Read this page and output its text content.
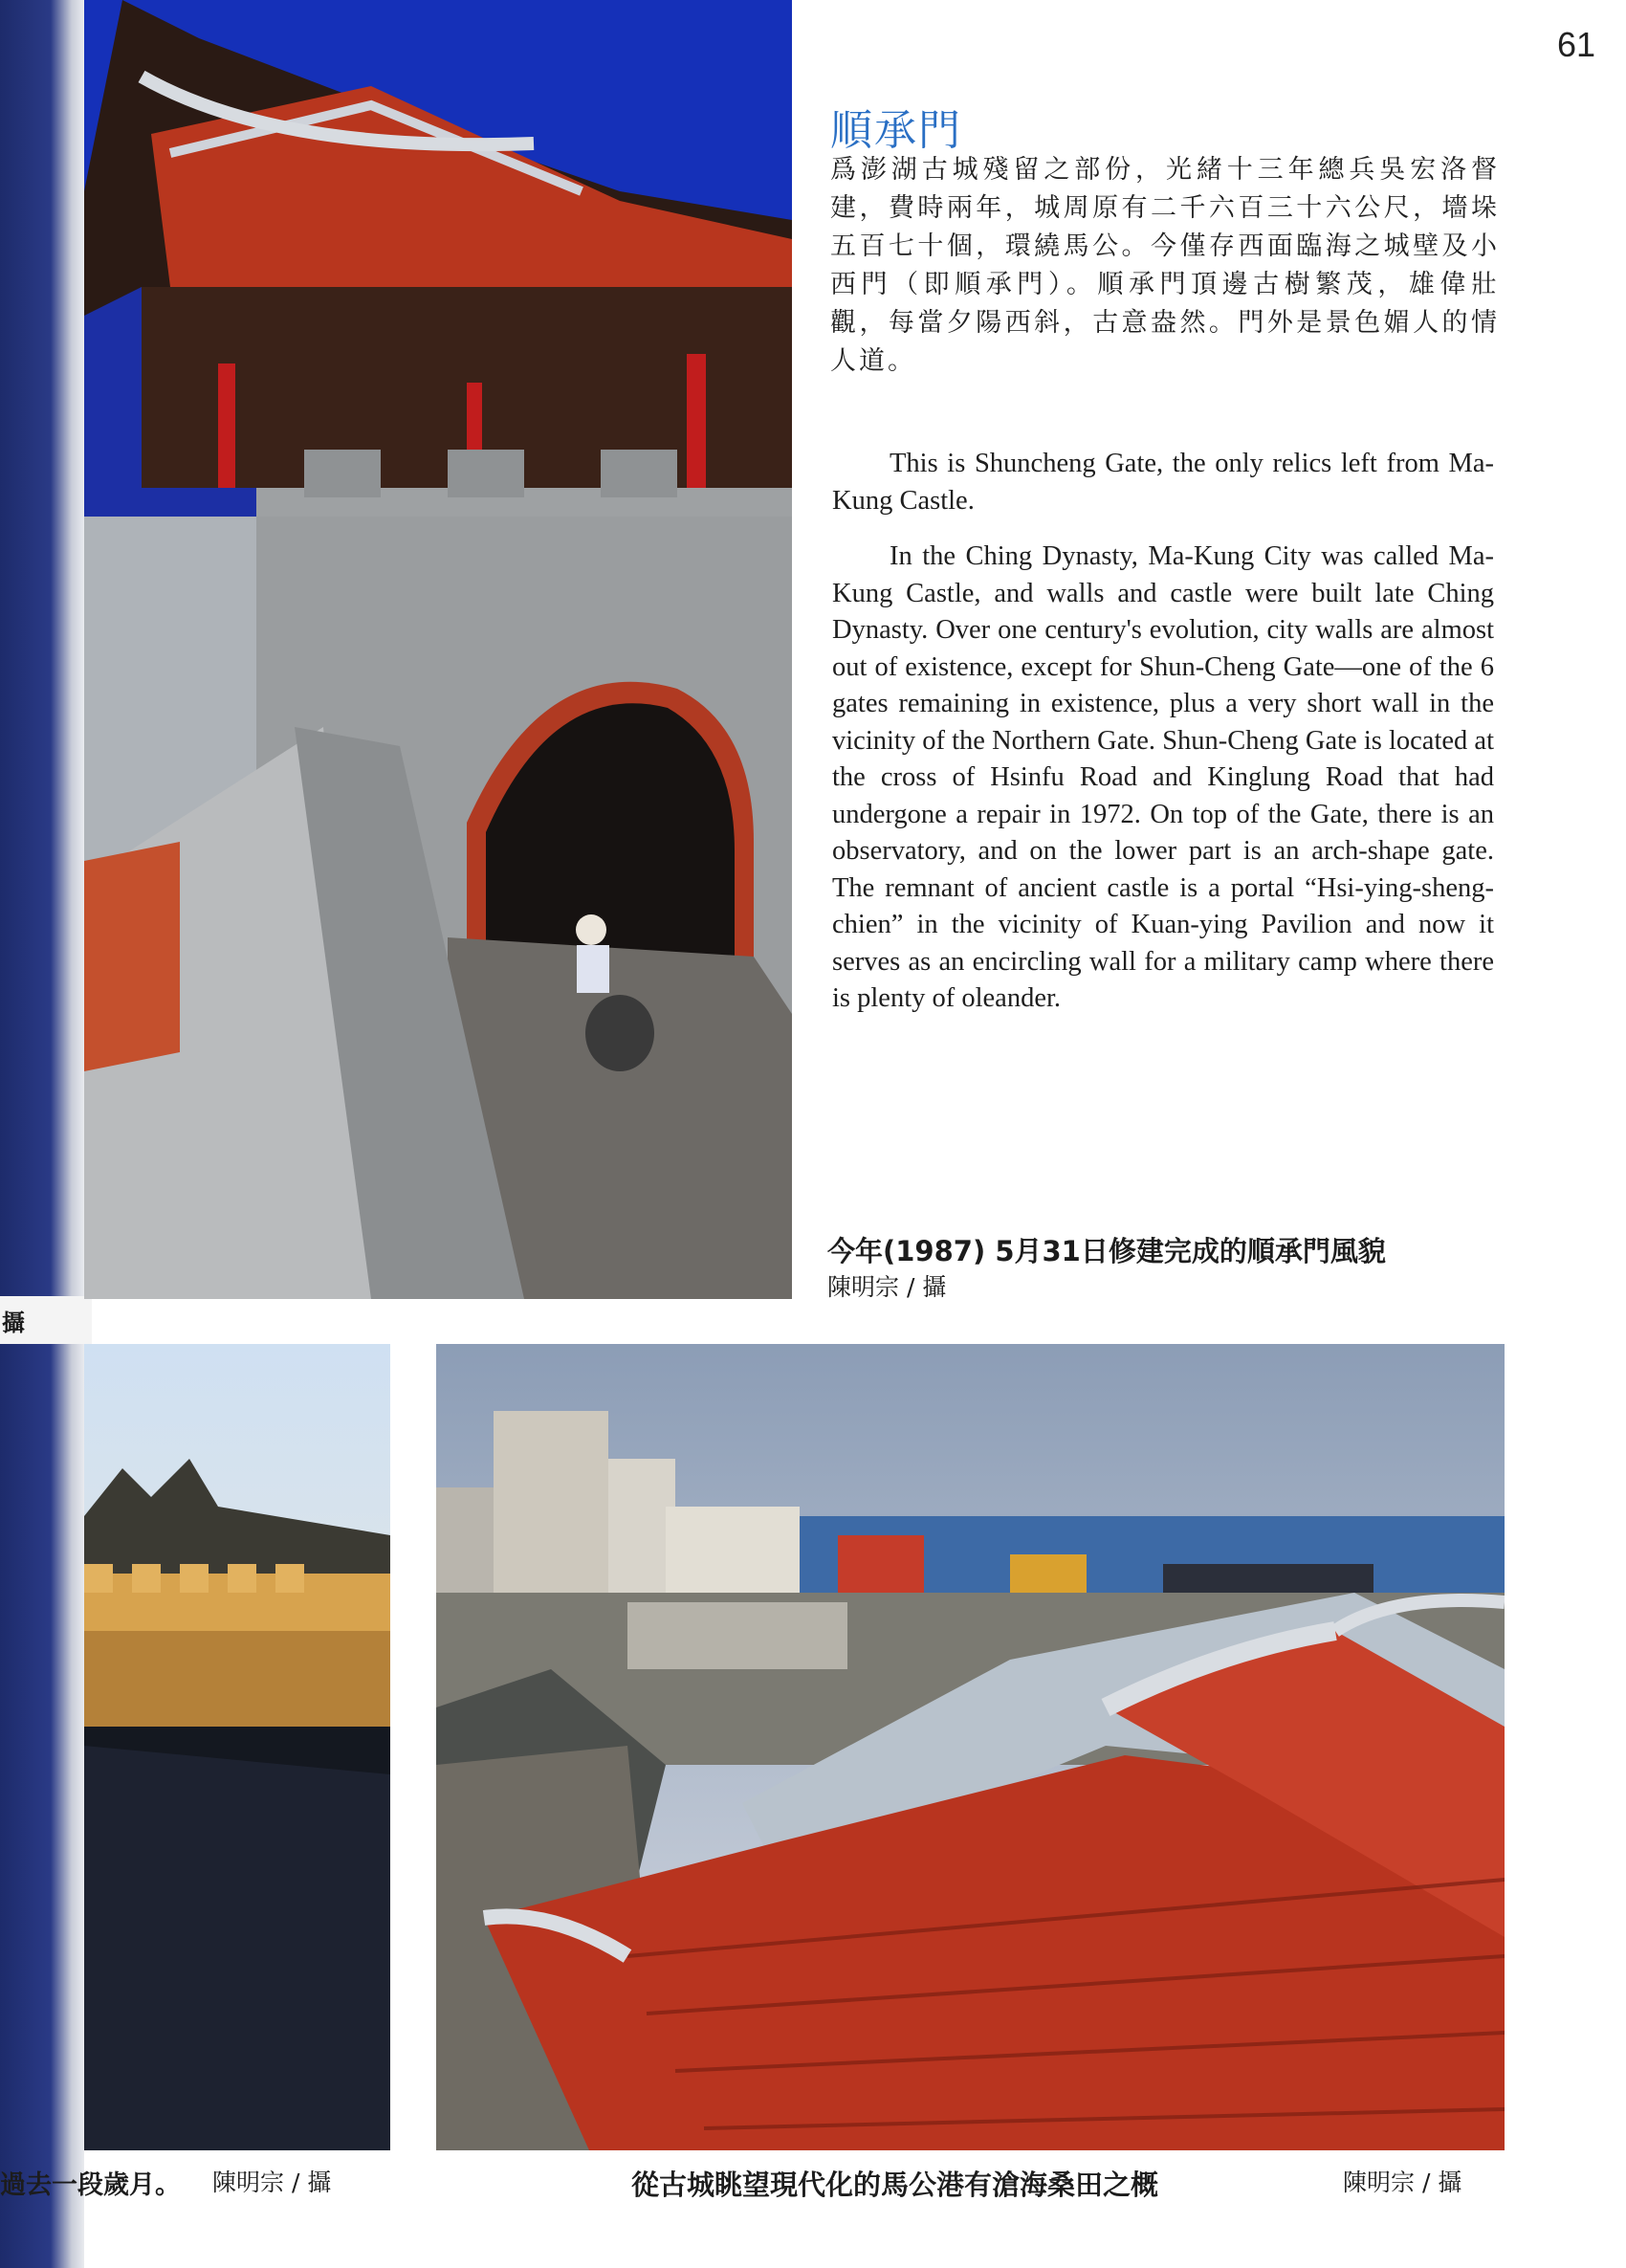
攝
61
順承門
爲澎湖古城殘留之部份，光緒十三年總兵吳宏洛督建，費時兩年，城周原有二千六百三十六公尺，墻垛五百七十個，環繞馬公。今僅存西面臨海之城壁及小西門（即順承門）。順承門頂邊古樹繁茂，雄偉壯觀，每當夕陽西斜，古意盎然。門外是景色媚人的情人道。

This is Shuncheng Gate, the only relics left from Ma-Kung Castle.

In the Ching Dynasty, Ma-Kung City was called Ma-Kung Castle, and walls and castle were built late Ching Dynasty. Over one century's evolution, city walls are almost out of existence, except for Shun-Cheng Gate—one of the 6 gates remaining in existence, plus a very short wall in the vicinity of the Northern Gate. Shun-Cheng Gate is located at the cross of Hsinfu Road and Kinglung Road that had undergone a repair in 1972. On top of the Gate, there is an observatory, and on the lower part is an arch-shape gate. The remnant of ancient castle is a portal “Hsi-ying-sheng-chien” in the vicinity of Kuan-ying Pavilion and now it serves as an encircling wall for a military camp where there is plenty of oleander.

今年(1987) 5月31日修建完成的順承門風貌
陳明宗 / 攝
過去一段歲月。 陳明宗 / 攝	從古城眺望現代化的馬公港有滄海桑田之概	陳明宗 / 攝
